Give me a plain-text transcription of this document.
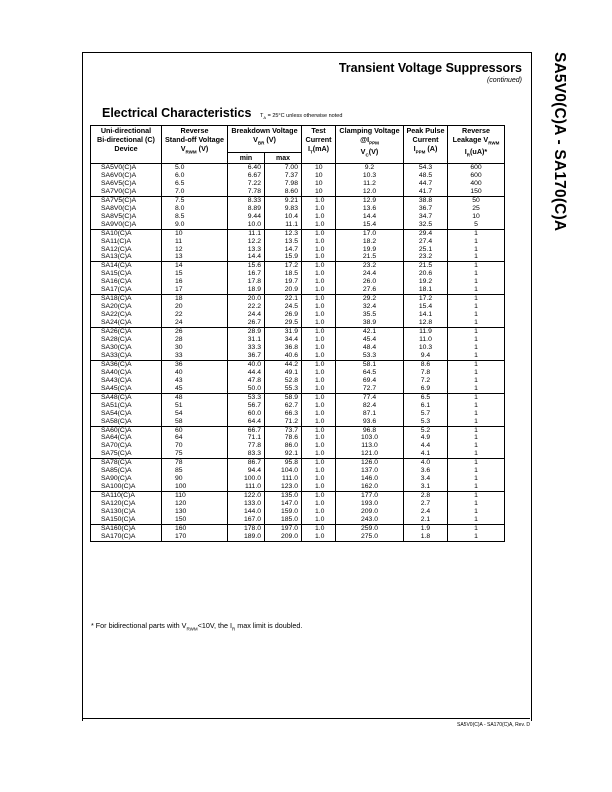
SA5V0(C)A - SA170(C)A
Transient Voltage Suppressors
(continued)
Electrical Characteristics $T_A = 25^\circ C$ unless otherwise noted
Uni-directional
Bi-directional (C)
Device	Reverse
Stand-off Voltage
$V_{RWM}$ (V)	Breakdown Voltage
$V_{BR}$ (V)		Test
Current
$I_T(mA)$	Clamping Voltage
$@I_{PPM}$
$V_C(V)$	Peak Pulse
Current
$I_{PPM}$ (A)	Reverse
Leakage $V_{RWM}$
$I_R(uA)*$
		min	max				
SA5V0(C)A	5.0	6.40	7.00	10	9.2	54.3	600
SA6V0(C)A	6.0	6.67	7.37	10	10.3	48.5	600
SA6V5(C)A	6.5	7.22	7.98	10	11.2	44.7	400
SA7V0(C)A	7.0	7.78	8.60	10	12.0	41.7	150
SA7V5(C)A	7.5	8.33	9.21	1.0	12.9	38.8	50
SA8V0(C)A	8.0	8.89	9.83	1.0	13.6	36.7	25
SA8V5(C)A	8.5	9.44	10.4	1.0	14.4	34.7	10
SA9V0(C)A	9.0	10.0	11.1	1.0	15.4	32.5	5
SA10(C)A	10	11.1	12.3	1.0	17.0	29.4	1
SA11(C)A	11	12.2	13.5	1.0	18.2	27.4	1
SA12(C)A	12	13.3	14.7	1.0	19.9	25.1	1
SA13(C)A	13	14.4	15.9	1.0	21.5	23.2	1
SA14(C)A	14	15.6	17.2	1.0	23.2	21.5	1
SA15(C)A	15	16.7	18.5	1.0	24.4	20.6	1
SA16(C)A	16	17.8	19.7	1.0	26.0	19.2	1
SA17(C)A	17	18.9	20.9	1.0	27.6	18.1	1
SA18(C)A	18	20.0	22.1	1.0	29.2	17.2	1
SA20(C)A	20	22.2	24.5	1.0	32.4	15.4	1
SA22(C)A	22	24.4	26.9	1.0	35.5	14.1	1
SA24(C)A	24	26.7	29.5	1.0	38.9	12.8	1
SA26(C)A	26	28.9	31.9	1.0	42.1	11.9	1
SA28(C)A	28	31.1	34.4	1.0	45.4	11.0	1
SA30(C)A	30	33.3	36.8	1.0	48.4	10.3	1
SA33(C)A	33	36.7	40.6	1.0	53.3	9.4	1
SA36(C)A	36	40.0	44.2	1.0	58.1	8.6	1
SA40(C)A	40	44.4	49.1	1.0	64.5	7.8	1
SA43(C)A	43	47.8	52.8	1.0	69.4	7.2	1
SA45(C)A	45	50.0	55.3	1.0	72.7	6.9	1
SA48(C)A	48	53.3	58.9	1.0	77.4	6.5	1
SA51(C)A	51	56.7	62.7	1.0	82.4	6.1	1
SA54(C)A	54	60.0	66.3	1.0	87.1	5.7	1
SA58(C)A	58	64.4	71.2	1.0	93.6	5.3	1
SA60(C)A	60	66.7	73.7	1.0	96.8	5.2	1
SA64(C)A	64	71.1	78.6	1.0	103.0	4.9	1
SA70(C)A	70	77.8	86.0	1.0	113.0	4.4	1
SA75(C)A	75	83.3	92.1	1.0	121.0	4.1	1
SA78(C)A	78	86.7	95.8	1.0	126.0	4.0	1
SA85(C)A	85	94.4	104.0	1.0	137.0	3.6	1
SA90(C)A	90	100.0	111.0	1.0	146.0	3.4	1
SA100(C)A	100	111.0	123.0	1.0	162.0	3.1	1
SA110(C)A	110	122.0	135.0	1.0	177.0	2.8	1
SA120(C)A	120	133.0	147.0	1.0	193.0	2.7	1
SA130(C)A	130	144.0	159.0	1.0	209.0	2.4	1
SA150(C)A	150	167.0	185.0	1.0	243.0	2.1	1
SA160(C)A	160	178.0	197.0	1.0	259.0	1.9	1
SA170(C)A	170	189.0	209.0	1.0	275.0	1.8	1
* For bidirectional parts with $V_{RWM}<10V$, the $I_R$ max limit is doubled.
SA5V0(C)A - SA170(C)A, Rev. D
